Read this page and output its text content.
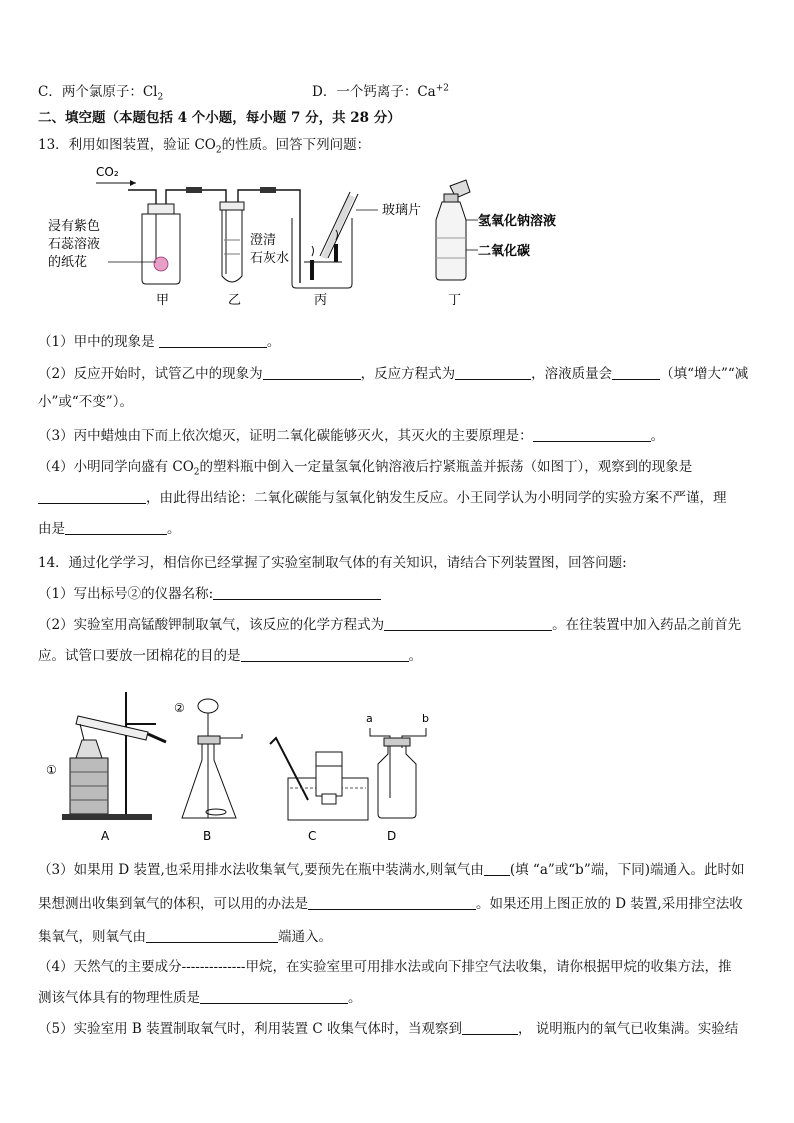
C．两个氯原子：$Cl_2$	D．一个钙离子：$Ca^{+2}$
二、填空题（本题包括 4 个小题，每小题 7 分，共 28 分）
13．利用如图装置，验证 $CO_2$的性质。回答下列问题：
CO₂
浸有紫色
石蕊溶液
的纸花
澄清
石灰水
玻璃片
氢氧化钠溶液
二氧化碳
甲	乙	丙	丁
（1）甲中的现象是	。
（2）反应开始时，试管乙中的现象为	，反应方程式为	，溶液质量会	（填“增大”“减
小”或“不变”）。
（3）丙中蜡烛由下而上依次熄灭，证明二氧化碳能够灭火，其灭火的主要原理是：	。
（4）小明同学向盛有 $CO_2$的塑料瓶中倒入一定量氢氧化钠溶液后拧紧瓶盖并振荡（如图丁），观察到的现象是
，由此得出结论：二氧化碳能与氢氧化钠发生反应。小王同学认为小明同学的实验方案不严谨，理
由是	。
14．通过化学学习，相信你已经掌握了实验室制取气体的有关知识，请结合下列装置图，回答问题:
（1）写出标号②的仪器名称:
（2）实验室用高锰酸钾制取氧气，该反应的化学方程式为	。在往装置中加入药品之前首先
应。试管口要放一团棉花的目的是	。
①
②
a	b
A	B	C	D
（3）如果用 D 装置,也采用排水法收集氧气,要预先在瓶中装满水,则氧气由 (填 “a”或“b”端，下同)端通入。此时如
果想测出收集到氧气的体积，可以用的办法是	。如果还用上图正放的 D 装置,采用排空法收
集氧气，则氧气由	端通入。
（4）天然气的主要成分--------------甲烷，在实验室里可用排水法或向下排空气法收集，请你根据甲烷的收集方法，推
测该气体具有的物理性质是	。
（5）实验室用 B 装置制取氧气时，利用装置 C 收集气体时，当观察到	， 说明瓶内的氧气已收集满。实验结
